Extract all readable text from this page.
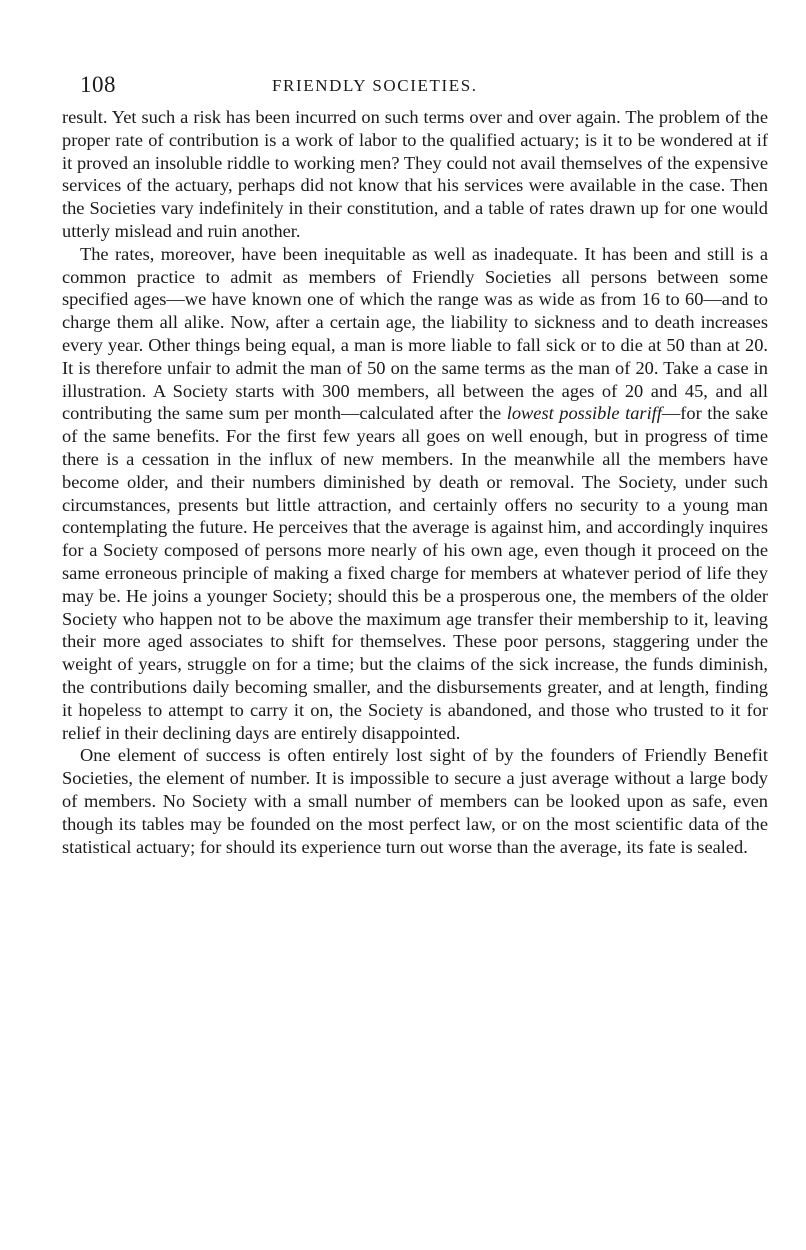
108	FRIENDLY SOCIETIES.

result. Yet such a risk has been incurred on such terms over and over again. The problem of the proper rate of contribution is a work of labor to the qualified actuary; is it to be wondered at if it proved an insoluble riddle to working men? They could not avail themselves of the expensive services of the actuary, perhaps did not know that his services were available in the case. Then the Societies vary indefinitely in their constitution, and a table of rates drawn up for one would utterly mislead and ruin another.

The rates, moreover, have been inequitable as well as inadequate. It has been and still is a common practice to admit as members of Friendly Societies all persons between some specified ages—we have known one of which the range was as wide as from 16 to 60—and to charge them all alike. Now, after a certain age, the liability to sickness and to death increases every year. Other things being equal, a man is more liable to fall sick or to die at 50 than at 20. It is therefore unfair to admit the man of 50 on the same terms as the man of 20. Take a case in illustration. A Society starts with 300 members, all between the ages of 20 and 45, and all contributing the same sum per month—calculated after the lowest possible tariff—for the sake of the same benefits. For the first few years all goes on well enough, but in progress of time there is a cessation in the influx of new members. In the meanwhile all the members have become older, and their numbers diminished by death or removal. The Society, under such circumstances, presents but little attraction, and certainly offers no security to a young man contemplating the future. He perceives that the average is against him, and accordingly inquires for a Society composed of persons more nearly of his own age, even though it proceed on the same erroneous principle of making a fixed charge for members at whatever period of life they may be. He joins a younger Society; should this be a prosperous one, the members of the older Society who happen not to be above the maximum age transfer their membership to it, leaving their more aged associates to shift for themselves. These poor persons, staggering under the weight of years, struggle on for a time; but the claims of the sick increase, the funds diminish, the contributions daily becoming smaller, and the disbursements greater, and at length, finding it hopeless to attempt to carry it on, the Society is abandoned, and those who trusted to it for relief in their declining days are entirely disappointed.

One element of success is often entirely lost sight of by the founders of Friendly Benefit Societies, the element of number. It is impossible to secure a just average without a large body of members. No Society with a small number of members can be looked upon as safe, even though its tables may be founded on the most perfect law, or on the most scientific data of the statistical actuary; for should its experience turn out worse than the average, its fate is sealed.
